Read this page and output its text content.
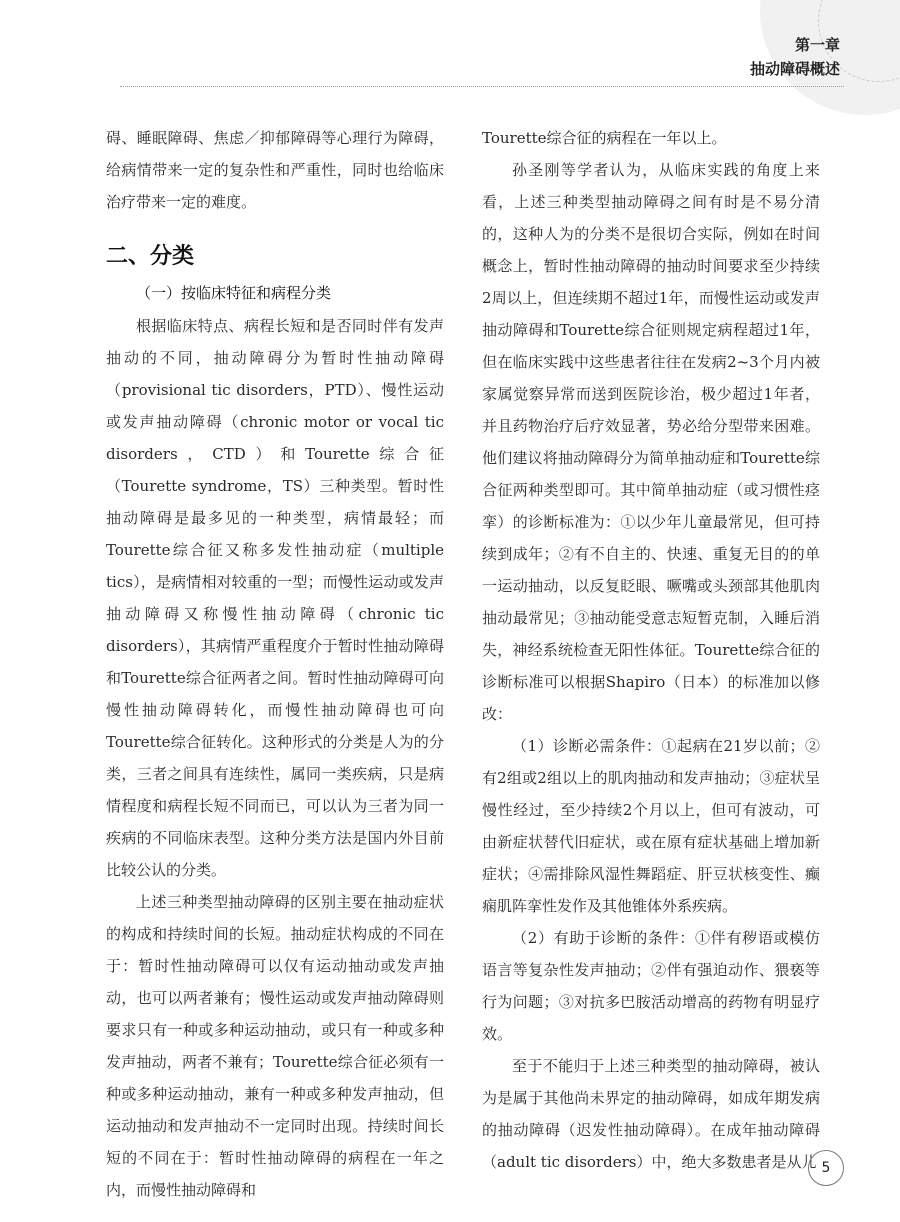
第一章
抽动障碍概述

碍、睡眠障碍、焦虑／抑郁障碍等心理行为障碍，给病情带来一定的复杂性和严重性，同时也给临床治疗带来一定的难度。

二、分类
（一）按临床特征和病程分类

根据临床特点、病程长短和是否同时伴有发声抽动的不同，抽动障碍分为暂时性抽动障碍（provisional tic disorders，PTD）、慢性运动或发声抽动障碍（chronic motor or vocal tic disorders，CTD）和Tourette综合征（Tourette syndrome，TS）三种类型。暂时性抽动障碍是最多见的一种类型，病情最轻；而Tourette综合征又称多发性抽动症（multiple tics），是病情相对较重的一型；而慢性运动或发声抽动障碍又称慢性抽动障碍（chronic tic disorders），其病情严重程度介于暂时性抽动障碍和Tourette综合征两者之间。暂时性抽动障碍可向慢性抽动障碍转化，而慢性抽动障碍也可向Tourette综合征转化。这种形式的分类是人为的分类，三者之间具有连续性，属同一类疾病，只是病情程度和病程长短不同而已，可以认为三者为同一疾病的不同临床表型。这种分类方法是国内外目前比较公认的分类。

上述三种类型抽动障碍的区别主要在抽动症状的构成和持续时间的长短。抽动症状构成的不同在于：暂时性抽动障碍可以仅有运动抽动或发声抽动，也可以两者兼有；慢性运动或发声抽动障碍则要求只有一种或多种运动抽动，或只有一种或多种发声抽动，两者不兼有；Tourette综合征必须有一种或多种运动抽动，兼有一种或多种发声抽动，但运动抽动和发声抽动不一定同时出现。持续时间长短的不同在于：暂时性抽动障碍的病程在一年之内，而慢性抽动障碍和

Tourette综合征的病程在一年以上。

孙圣刚等学者认为，从临床实践的角度上来看，上述三种类型抽动障碍之间有时是不易分清的，这种人为的分类不是很切合实际，例如在时间概念上，暂时性抽动障碍的抽动时间要求至少持续2周以上，但连续期不超过1年，而慢性运动或发声抽动障碍和Tourette综合征则规定病程超过1年，但在临床实践中这些患者往往在发病2~3个月内被家属觉察异常而送到医院诊治，极少超过1年者，并且药物治疗后疗效显著，势必给分型带来困难。他们建议将抽动障碍分为简单抽动症和Tourette综合征两种类型即可。其中简单抽动症（或习惯性痉挛）的诊断标准为：①以少年儿童最常见，但可持续到成年；②有不自主的、快速、重复无目的的单一运动抽动，以反复眨眼、噘嘴或头颈部其他肌肉抽动最常见；③抽动能受意志短暂克制，入睡后消失，神经系统检查无阳性体征。Tourette综合征的诊断标准可以根据Shapiro（日本）的标准加以修改：

（1）诊断必需条件：①起病在21岁以前；②有2组或2组以上的肌肉抽动和发声抽动；③症状呈慢性经过，至少持续2个月以上，但可有波动，可由新症状替代旧症状，或在原有症状基础上增加新症状；④需排除风湿性舞蹈症、肝豆状核变性、癫痫肌阵挛性发作及其他锥体外系疾病。

（2）有助于诊断的条件：①伴有秽语或模仿语言等复杂性发声抽动；②伴有强迫动作、猥亵等行为问题；③对抗多巴胺活动增高的药物有明显疗效。

至于不能归于上述三种类型的抽动障碍，被认为是属于其他尚未界定的抽动障碍，如成年期发病的抽动障碍（迟发性抽动障碍）。在成年抽动障碍（adult tic disorders）中，绝大多数患者是从儿 5
